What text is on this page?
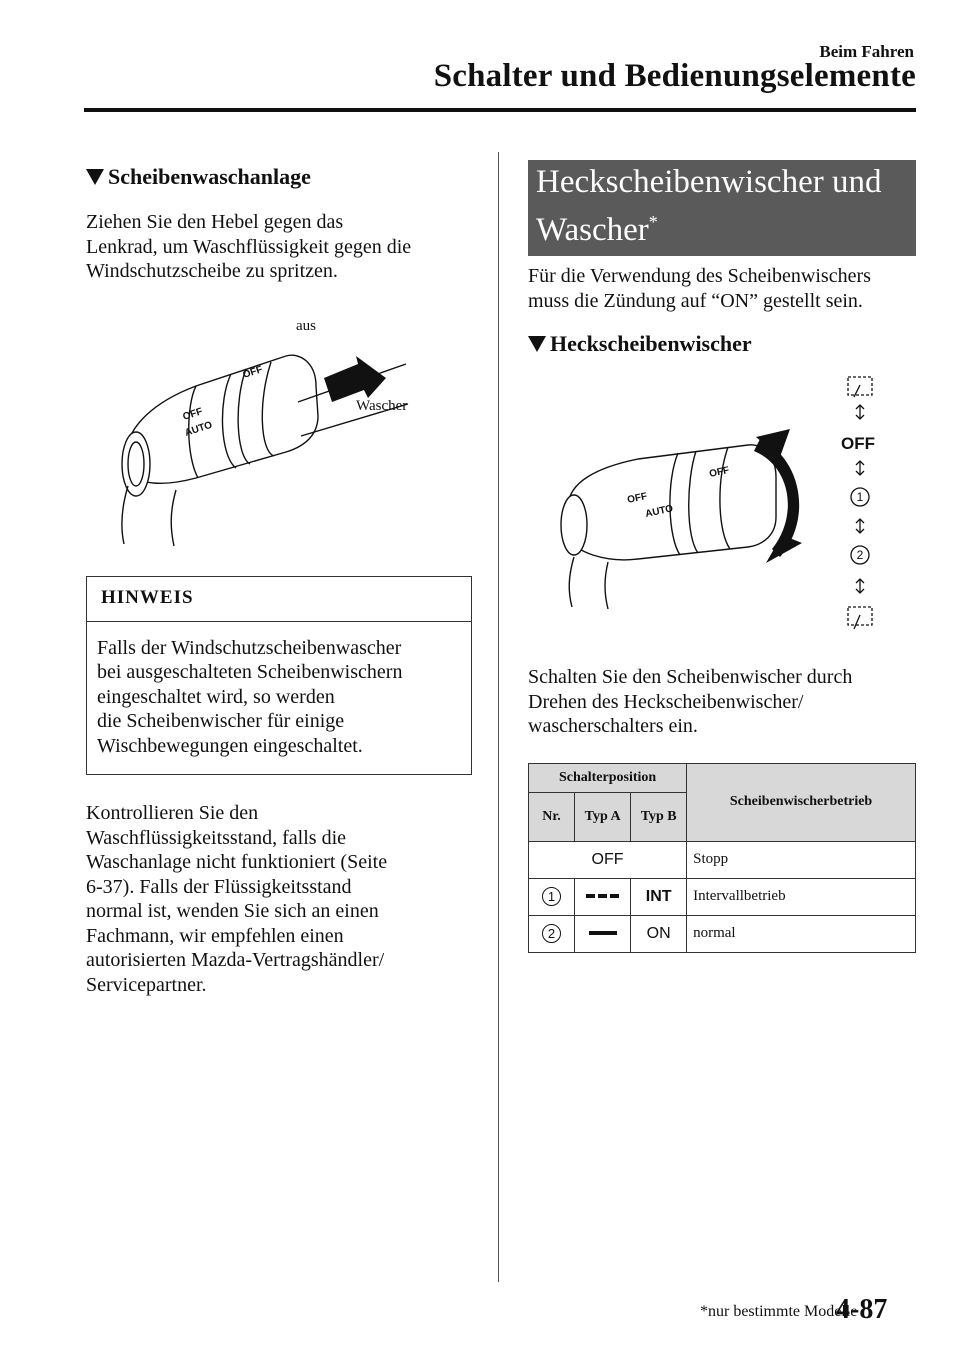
Beim Fahren
Schalter und Bedienungselemente
Scheibenwaschanlage

Ziehen Sie den Hebel gegen das
Lenkrad, um Waschflüssigkeit gegen die
Windschutzscheibe zu spritzen.

OFF
OFF
AUTO
aus
Wascher
HINWEIS
Falls der Windschutzscheibenwascher
bei ausgeschalteten Scheibenwischern
eingeschaltet wird, so werden
die Scheibenwischer für einige
Wischbewegungen eingeschaltet.

Kontrollieren Sie den
Waschflüssigkeitsstand, falls die
Waschanlage nicht funktioniert (Seite
6-37). Falls der Flüssigkeitsstand
normal ist, wenden Sie sich an einen
Fachmann, wir empfehlen einen
autorisierten Mazda-Vertragshändler/
Servicepartner.

Heckscheibenwischer und
Wascher*

Für die Verwendung des Scheibenwischers
muss die Zündung auf “ON” gestellt sein.

Heckscheibenwischer
OFF
OFF
AUTO
OFF
1
2

Schalten Sie den Scheibenwischer durch
Drehen des Heckscheibenwischer/
wascherschalters ein.

Schalterposition			Scheibenwischerbetrieb
Nr.	Typ A	Typ B	
OFF			Stopp
1		INT	Intervallbetrieb
2		ON	normal
*nur bestimmte Modelle
4-87
